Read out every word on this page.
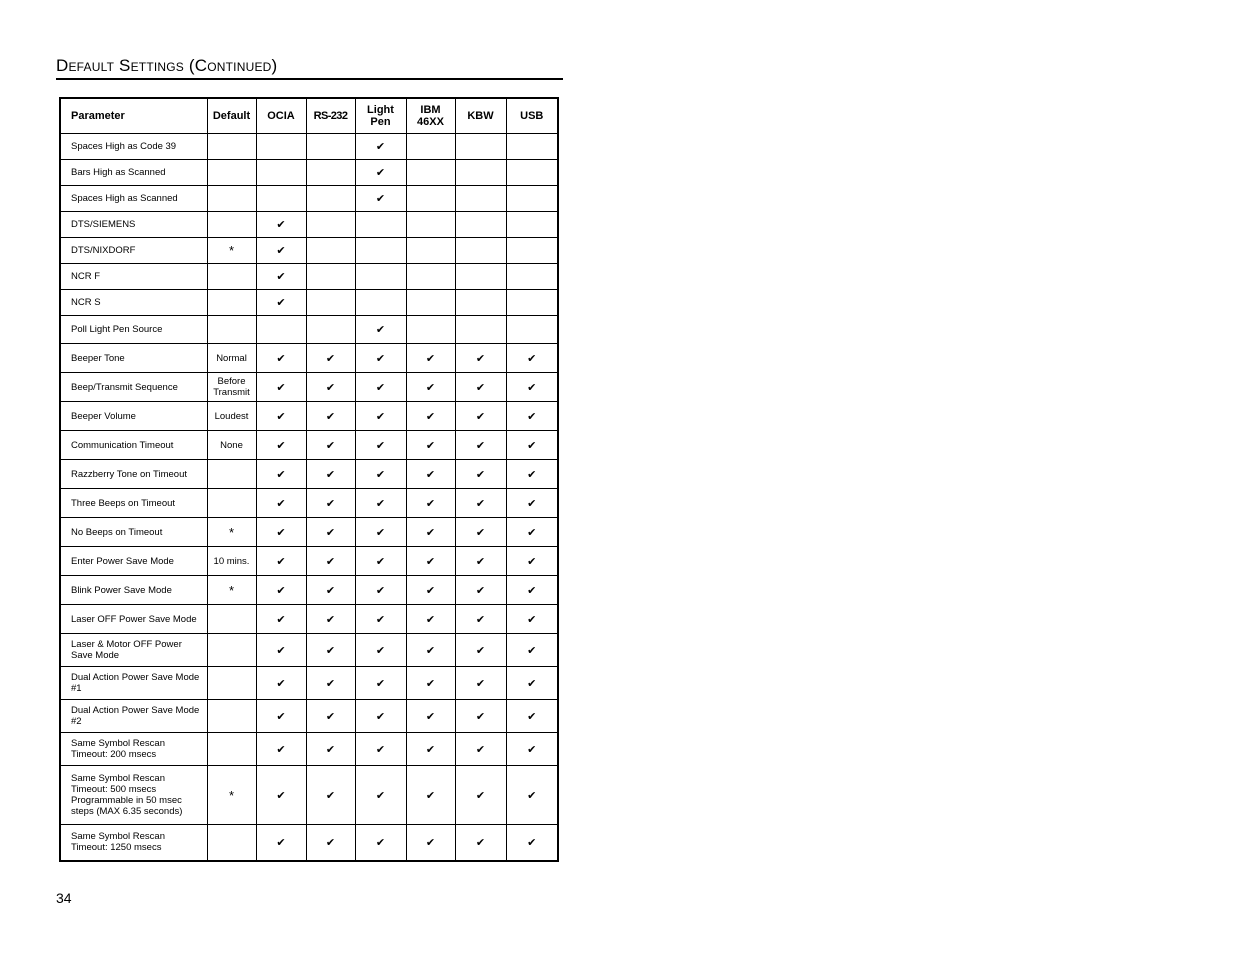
Default Settings (Continued)
Parameter	Default	OCIA	RS-232	Light Pen	IBM 46XX	KBW	USB
Spaces High as Code 39				✔			
Bars High as Scanned				✔			
Spaces High as Scanned				✔			
DTS/SIEMENS		✔					
DTS/NIXDORF	*	✔					
NCR F		✔					
NCR S		✔					
Poll Light Pen Source				✔			
Beeper Tone	Normal	✔	✔	✔	✔	✔	✔
Beep/Transmit Sequence	Before Transmit	✔	✔	✔	✔	✔	✔
Beeper Volume	Loudest	✔	✔	✔	✔	✔	✔
Communication Timeout	None	✔	✔	✔	✔	✔	✔
Razzberry Tone on Timeout		✔	✔	✔	✔	✔	✔
Three Beeps on Timeout		✔	✔	✔	✔	✔	✔
No Beeps on Timeout	*	✔	✔	✔	✔	✔	✔
Enter Power Save Mode	10 mins.	✔	✔	✔	✔	✔	✔
Blink Power Save Mode	*	✔	✔	✔	✔	✔	✔
Laser OFF Power Save Mode		✔	✔	✔	✔	✔	✔
Laser & Motor OFF Power Save Mode		✔	✔	✔	✔	✔	✔
Dual Action Power Save Mode #1		✔	✔	✔	✔	✔	✔
Dual Action Power Save Mode #2		✔	✔	✔	✔	✔	✔
Same Symbol Rescan Timeout: 200 msecs		✔	✔	✔	✔	✔	✔
Same Symbol Rescan Timeout: 500 msecs Programmable in 50 msec steps (MAX 6.35 seconds)	*	✔	✔	✔	✔	✔	✔
Same Symbol Rescan Timeout: 1250 msecs		✔	✔	✔	✔	✔	✔
34
